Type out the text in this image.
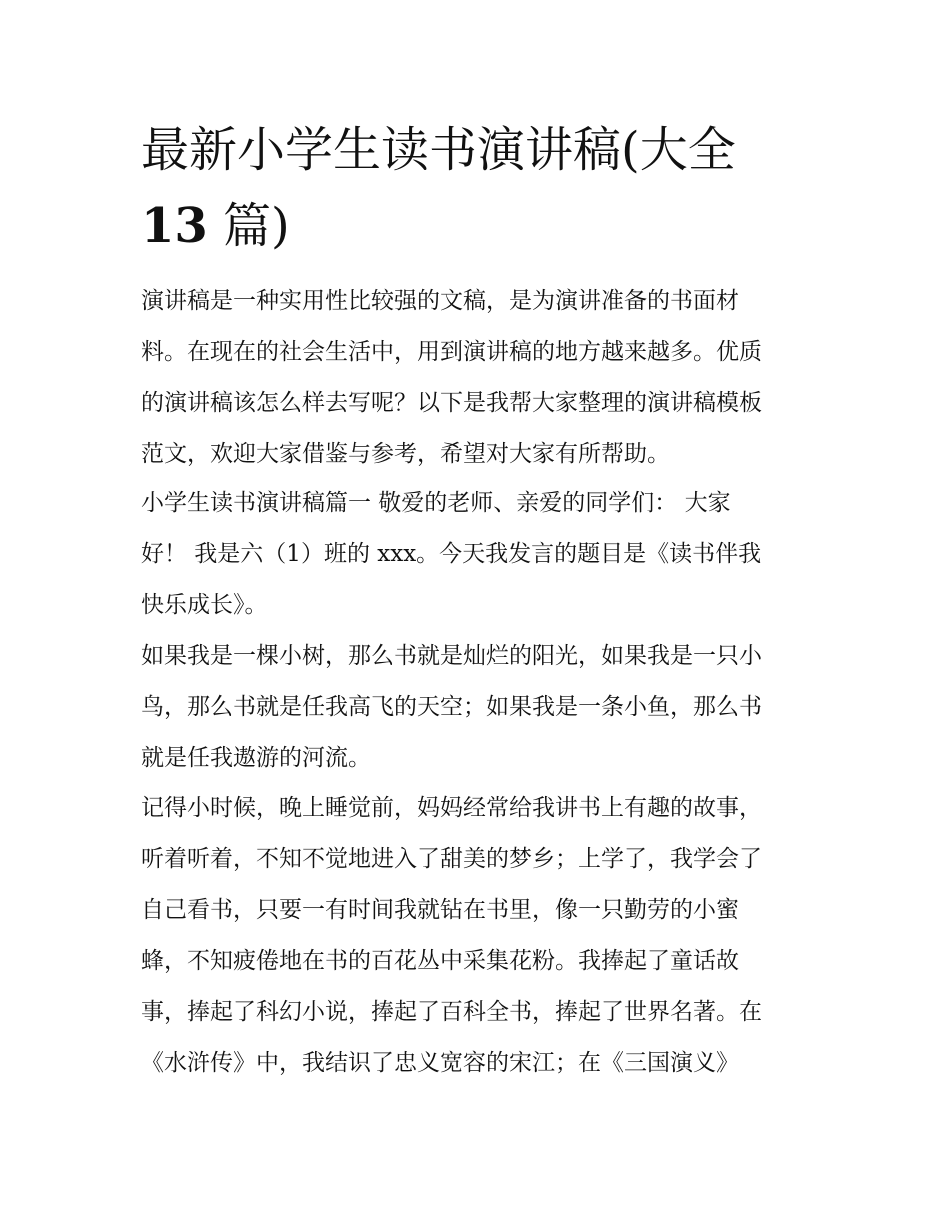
最新小学生读书演讲稿(大全
13 篇)

演讲稿是一种实用性比较强的文稿，是为演讲准备的书面材
料。在现在的社会生活中，用到演讲稿的地方越来越多。优质
的演讲稿该怎么样去写呢？以下是我帮大家整理的演讲稿模板
范文，欢迎大家借鉴与参考，希望对大家有所帮助。

小学生读书演讲稿篇一 敬爱的老师、亲爱的同学们： 大家
好！ 我是六（1）班的 xxx。今天我发言的题目是《读书伴我
快乐成长》。

如果我是一棵小树，那么书就是灿烂的阳光，如果我是一只小
鸟，那么书就是任我高飞的天空；如果我是一条小鱼，那么书
就是任我遨游的河流。

记得小时候，晚上睡觉前，妈妈经常给我讲书上有趣的故事，
听着听着，不知不觉地进入了甜美的梦乡；上学了，我学会了
自己看书，只要一有时间我就钻在书里，像一只勤劳的小蜜
蜂，不知疲倦地在书的百花丛中采集花粉。我捧起了童话故
事，捧起了科幻小说，捧起了百科全书，捧起了世界名著。在
《水浒传》中，我结识了忠义宽容的宋江；在《三国演义》
